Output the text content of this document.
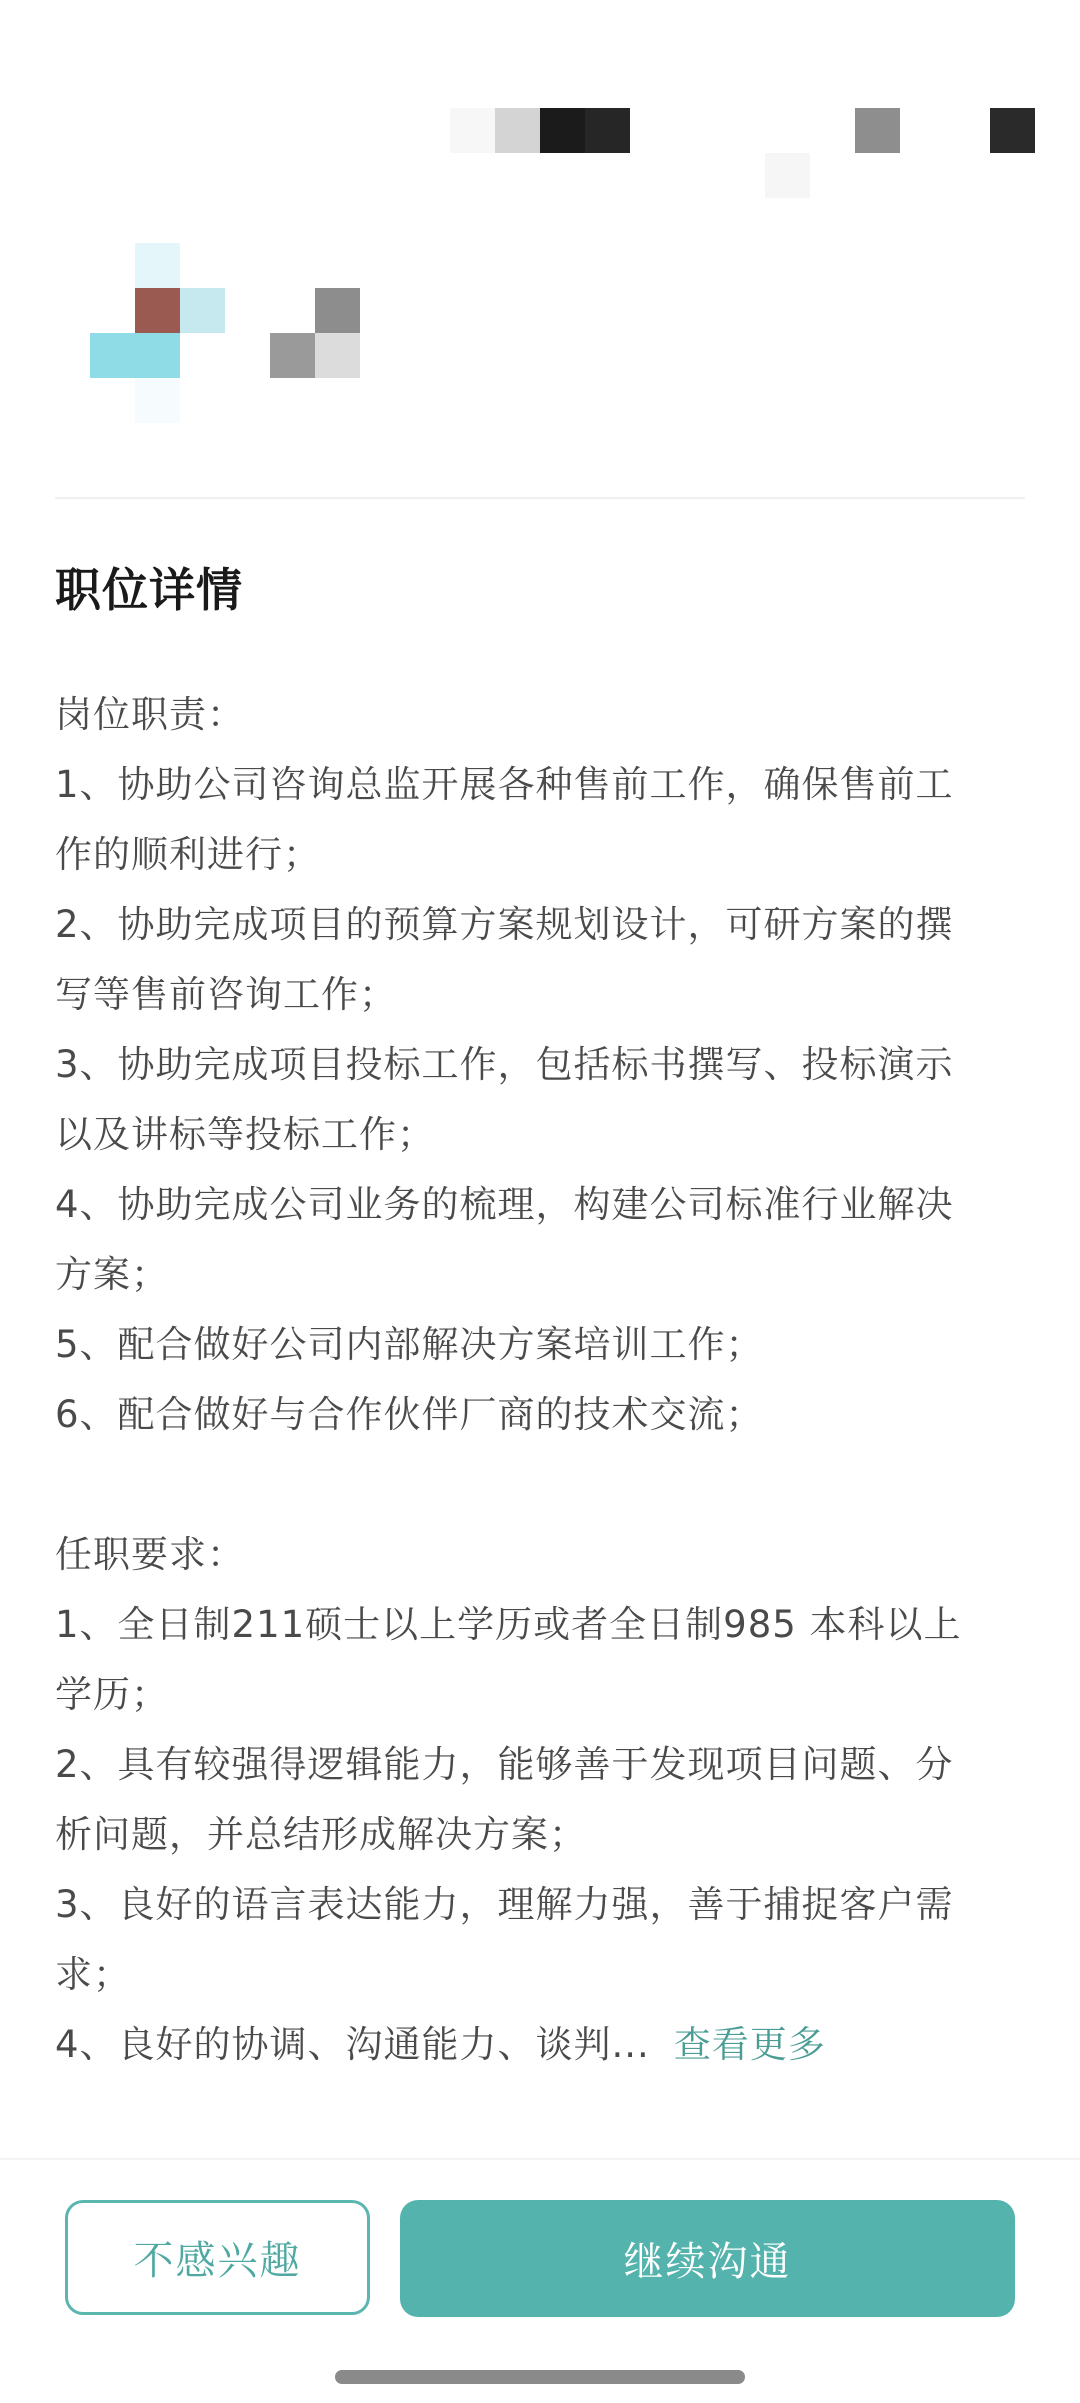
职位详情
岗位职责：
1、协助公司咨询总监开展各种售前工作，确保售前工
作的顺利进行；
2、协助完成项目的预算方案规划设计，可研方案的撰
写等售前咨询工作；
3、协助完成项目投标工作，包括标书撰写、投标演示
以及讲标等投标工作；
4、协助完成公司业务的梳理，构建公司标准行业解决
方案；
5、配合做好公司内部解决方案培训工作；
6、配合做好与合作伙伴厂商的技术交流；
任职要求：
1、全日制211硕士以上学历或者全日制985 本科以上
学历；
2、具有较强得逻辑能力，能够善于发现项目问题、分
析问题，并总结形成解决方案；
3、良好的语言表达能力，理解力强，善于捕捉客户需
求；
4、良好的协调、沟通能力、谈判... 查看更多
不感兴趣	继续沟通
